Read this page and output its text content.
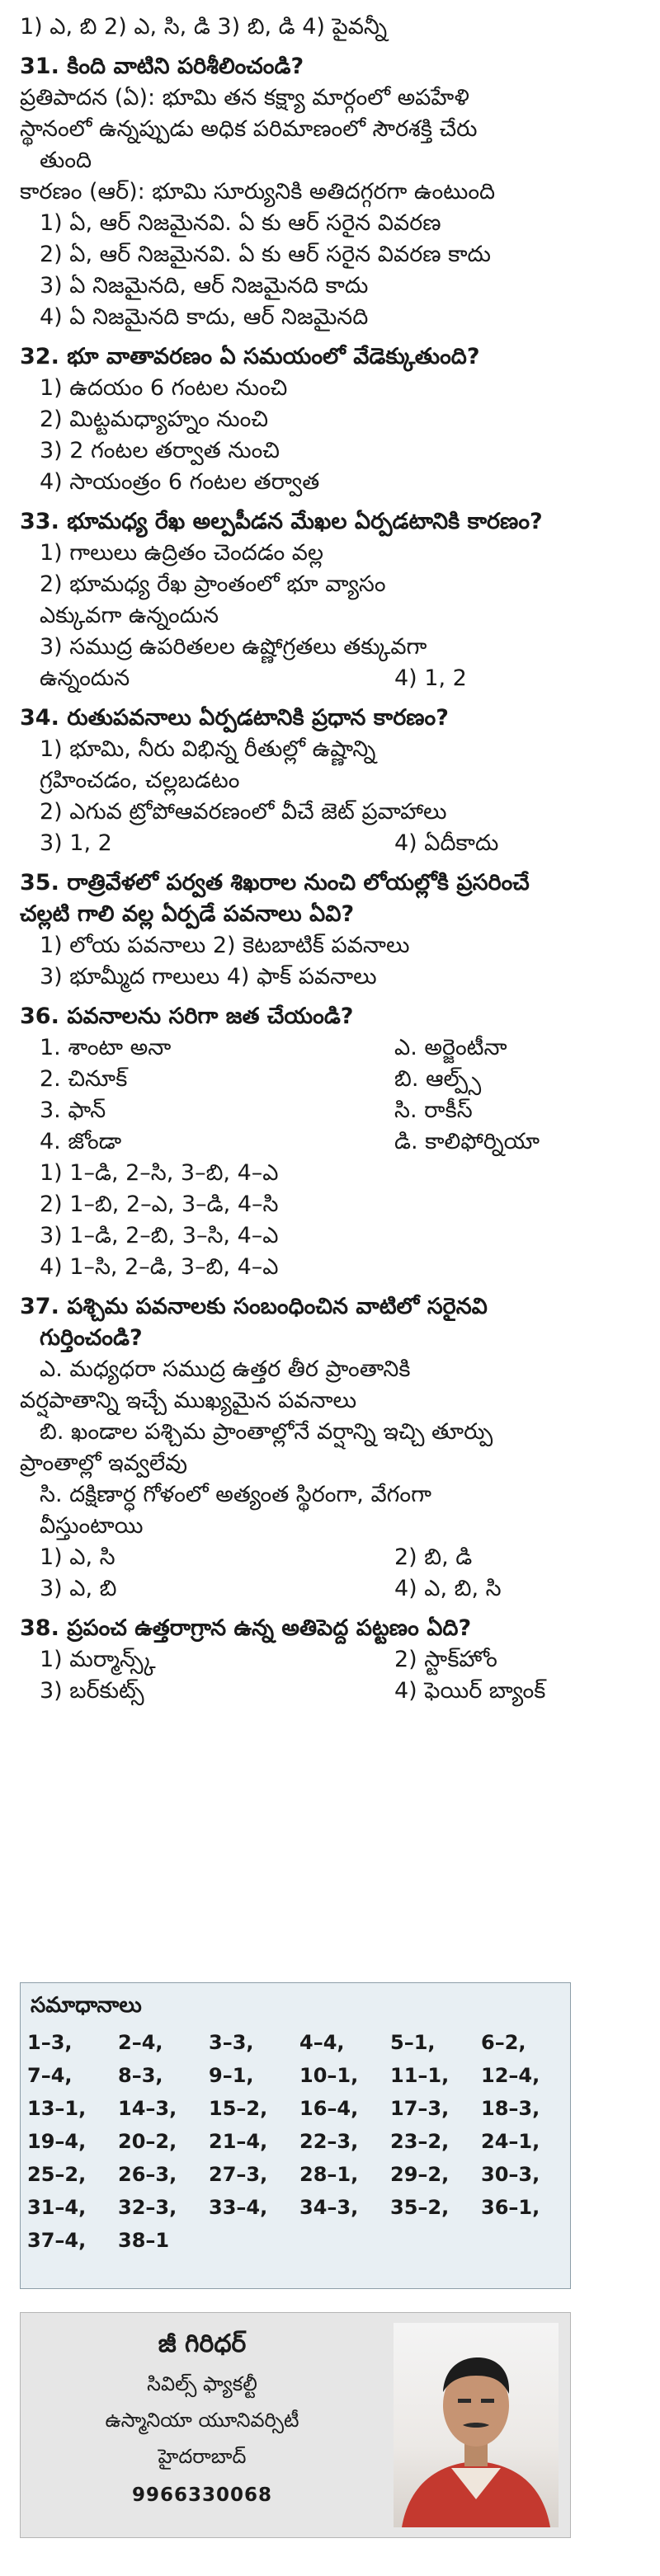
1) ఎ, బి 2) ఎ, సి, డి 3) బి, డి 4) పైవన్నీ
31. కింది వాటిని పరిశీలించండి?
ప్రతిపాదన (ఏ): భూమి తన కక్ష్యా మార్గంలో అపహేళి
స్థానంలో ఉన్నప్పుడు అధిక పరిమాణంలో సౌరశక్తి చేరు
తుంది
కారణం (ఆర్): భూమి సూర్యునికి అతిదగ్గరగా ఉంటుంది
1) ఏ, ఆర్ నిజమైనవి. ఏ కు ఆర్ సరైన వివరణ
2) ఏ, ఆర్ నిజమైనవి. ఏ కు ఆర్ సరైన వివరణ కాదు
3) ఏ నిజమైనది, ఆర్ నిజమైనది కాదు
4) ఏ నిజమైనది కాదు, ఆర్ నిజమైనది
32. భూ వాతావరణం ఏ సమయంలో వేడెక్కుతుంది?
1) ఉదయం 6 గంటల నుంచి
2) మిట్టమధ్యాహ్నం నుంచి
3) 2 గంటల తర్వాత నుంచి
4) సాయంత్రం 6 గంటల తర్వాత
33. భూమధ్య రేఖ అల్పపీడన మేఖల ఏర్పడటానికి కారణం?
1) గాలులు ఉద్రితం చెందడం వల్ల
2) భూమధ్య రేఖ ప్రాంతంలో భూ వ్యాసం
ఎక్కువగా ఉన్నందున
3) సముద్ర ఉపరితలల ఉష్ణోగ్రతలు తక్కువగా
ఉన్నందున	4) 1, 2
34. రుతుపవనాలు ఏర్పడటానికి ప్రధాన కారణం?
1) భూమి, నీరు విభిన్న రీతుల్లో ఉష్ణాన్ని
గ్రహించడం, చల్లబడటం
2) ఎగువ ట్రోపోఆవరణంలో వీచే జెట్ ప్రవాహాలు
3) 1, 2	4) ఏదీకాదు
35. రాత్రివేళలో పర్వత శిఖరాల నుంచి లోయల్లోకి ప్రసరించే
చల్లటి గాలి వల్ల ఏర్పడే పవనాలు ఏవి?
1) లోయ పవనాలు 2) కెటబాటిక్ పవనాలు
3) భూమ్మీద గాలులు 4) ఫాక్ పవనాలు
36. పవనాలను సరిగా జత చేయండి?
1. శాంటా అనా	ఎ. అర్జెంటీనా
2. చినూక్	బి. ఆల్ప్స్
3. ఫాన్	సి. రాకీస్
4. జోండా	డి. కాలిఫోర్నియా
1) 1–డి, 2–సి, 3–బి, 4–ఎ
2) 1–బి, 2–ఎ, 3–డి, 4–సి
3) 1–డి, 2–బి, 3–సి, 4–ఎ
4) 1–సి, 2–డి, 3–బి, 4–ఎ
37. పశ్చిమ పవనాలకు సంబంధించిన వాటిలో సరైనవి
గుర్తించండి?
ఎ. మధ్యధరా సముద్ర ఉత్తర తీర ప్రాంతానికి
వర్షపాతాన్ని ఇచ్చే ముఖ్యమైన పవనాలు
బి. ఖండాల పశ్చిమ ప్రాంతాల్లోనే వర్షాన్ని ఇచ్చి తూర్పు
ప్రాంతాల్లో ఇవ్వలేవు
సి. దక్షిణార్ధ గోళంలో అత్యంత స్థిరంగా, వేగంగా
వీస్తుంటాయి
1) ఎ, సి	2) బి, డి
3) ఎ, బి	4) ఎ, బి, సి
38. ప్రపంచ ఉత్తరాగ్రాన ఉన్న అతిపెద్ద పట్టణం ఏది?
1) మర్మాన్స్క్	2) స్టాక్‌హోం
3) బర్‌కుట్స్	4) ఫెయిర్ బ్యాంక్
సమాధానాలు
1–3,	2–4,	3–3,	4–4,	5–1,	6–2,
7–4,	8–3,	9–1,	10–1,	11–1,	12–4,
13–1,	14–3,	15–2,	16–4,	17–3,	18–3,
19–4,	20–2,	21–4,	22–3,	23–2,	24–1,
25–2,	26–3,	27–3,	28–1,	29–2,	30–3,
31–4,	32–3,	33–4,	34–3,	35–2,	36–1,
37–4,	38–1
జీ గిరిధర్
సివిల్స్ ఫ్యాకల్టీ
ఉస్మానియా యూనివర్సిటీ
హైదరాబాద్
9966330068
